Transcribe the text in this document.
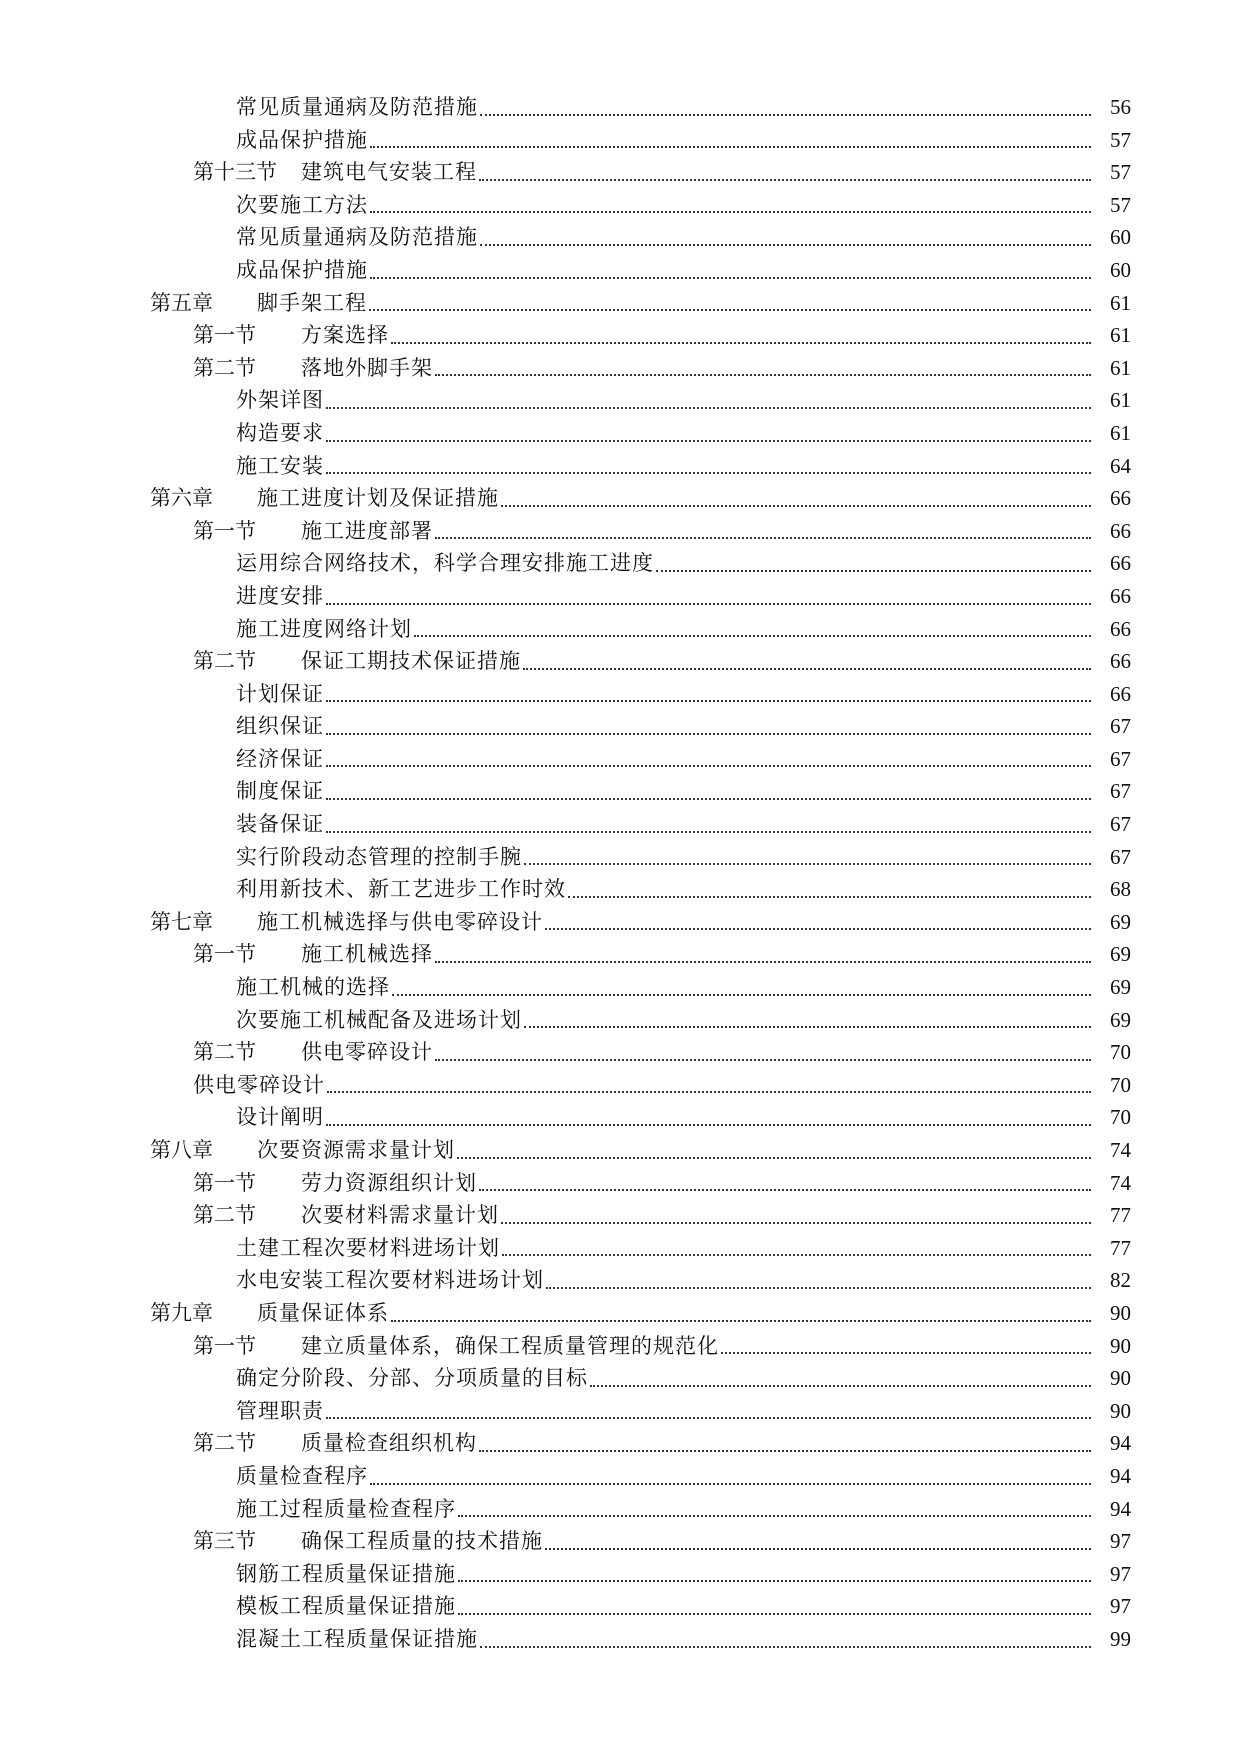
常见质量通病及防范措施	56
成品保护措施	57
第十三节	建筑电气安装工程	57
次要施工方法	57
常见质量通病及防范措施	60
成品保护措施	60
第五章	脚手架工程	61
第一节	方案选择	61
第二节	落地外脚手架	61
外架详图	61
构造要求	61
施工安装	64
第六章	施工进度计划及保证措施	66
第一节	施工进度部署	66
运用综合网络技术，科学合理安排施工进度	66
进度安排	66
施工进度网络计划	66
第二节	保证工期技术保证措施	66
计划保证	66
组织保证	67
经济保证	67
制度保证	67
装备保证	67
实行阶段动态管理的控制手腕	67
利用新技术、新工艺进步工作时效	68
第七章	施工机械选择与供电零碎设计	69
第一节	施工机械选择	69
施工机械的选择	69
次要施工机械配备及进场计划	69
第二节	供电零碎设计	70
供电零碎设计	70
设计阐明	70
第八章	次要资源需求量计划	74
第一节	劳力资源组织计划	74
第二节	次要材料需求量计划	77
土建工程次要材料进场计划	77
水电安装工程次要材料进场计划	82
第九章	质量保证体系	90
第一节	建立质量体系，确保工程质量管理的规范化	90
确定分阶段、分部、分项质量的目标	90
管理职责	90
第二节	质量检查组织机构	94
质量检查程序	94
施工过程质量检查程序	94
第三节	确保工程质量的技术措施	97
钢筋工程质量保证措施	97
模板工程质量保证措施	97
混凝土工程质量保证措施	99
